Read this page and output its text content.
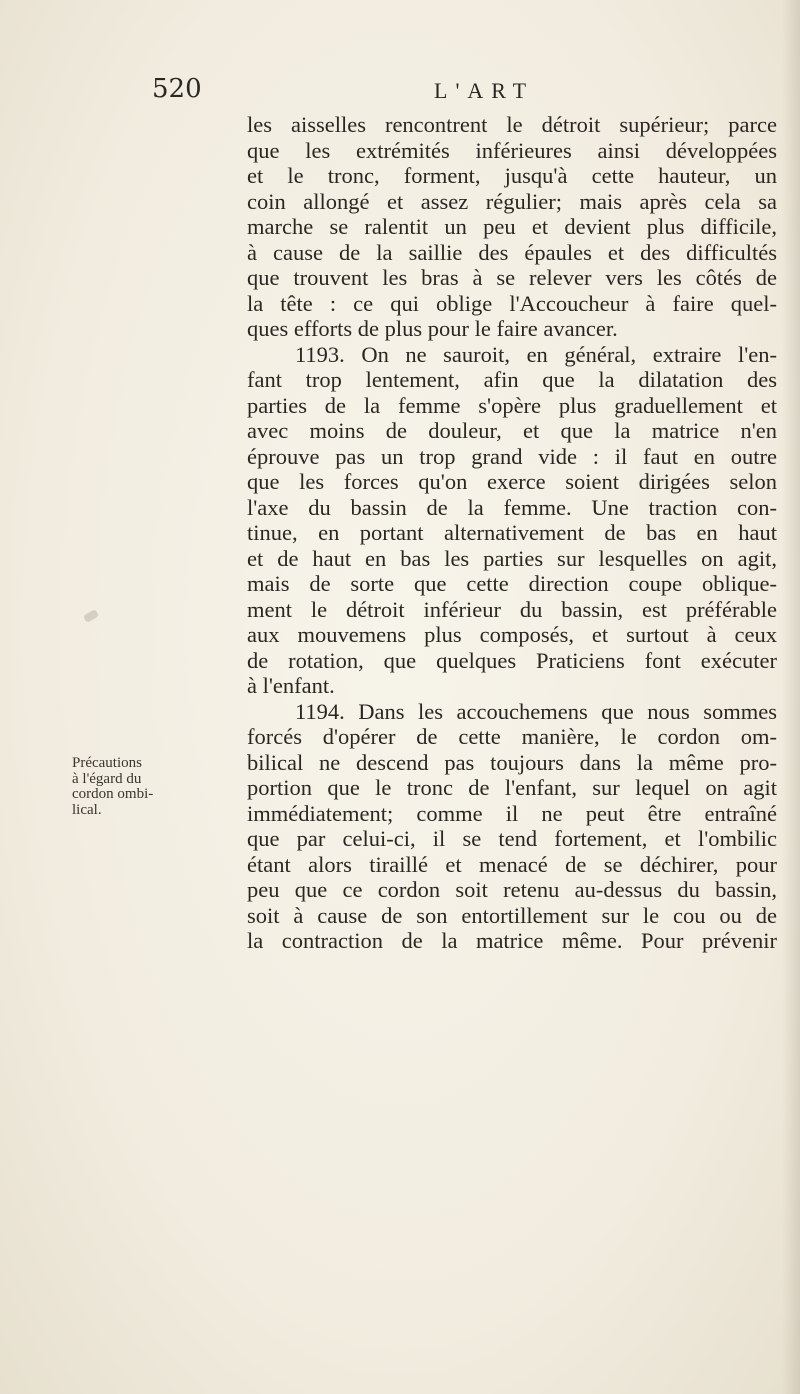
520	L'ART
Précautions
à l'égard du
cordon ombi-
lical.
les aisselles rencontrent le détroit supérieur; parce
que les extrémités inférieures ainsi développées
et le tronc, forment, jusqu'à cette hauteur, un
coin allongé et assez régulier; mais après cela sa
marche se ralentit un peu et devient plus difficile,
à cause de la saillie des épaules et des difficultés
que trouvent les bras à se relever vers les côtés de
la tête : ce qui oblige l'Accoucheur à faire quel-
ques efforts de plus pour le faire avancer.
1193. On ne sauroit, en général, extraire l'en-
fant trop lentement, afin que la dilatation des
parties de la femme s'opère plus graduellement et
avec moins de douleur, et que la matrice n'en
éprouve pas un trop grand vide : il faut en outre
que les forces qu'on exerce soient dirigées selon
l'axe du bassin de la femme. Une traction con-
tinue, en portant alternativement de bas en haut
et de haut en bas les parties sur lesquelles on agit,
mais de sorte que cette direction coupe oblique-
ment le détroit inférieur du bassin, est préférable
aux mouvemens plus composés, et surtout à ceux
de rotation, que quelques Praticiens font exécuter
à l'enfant.
1194. Dans les accouchemens que nous sommes
forcés d'opérer de cette manière, le cordon om-
bilical ne descend pas toujours dans la même pro-
portion que le tronc de l'enfant, sur lequel on agit
immédiatement; comme il ne peut être entraîné
que par celui-ci, il se tend fortement, et l'ombilic
étant alors tiraillé et menacé de se déchirer, pour
peu que ce cordon soit retenu au-dessus du bassin,
soit à cause de son entortillement sur le cou ou de
la contraction de la matrice même. Pour prévenir
